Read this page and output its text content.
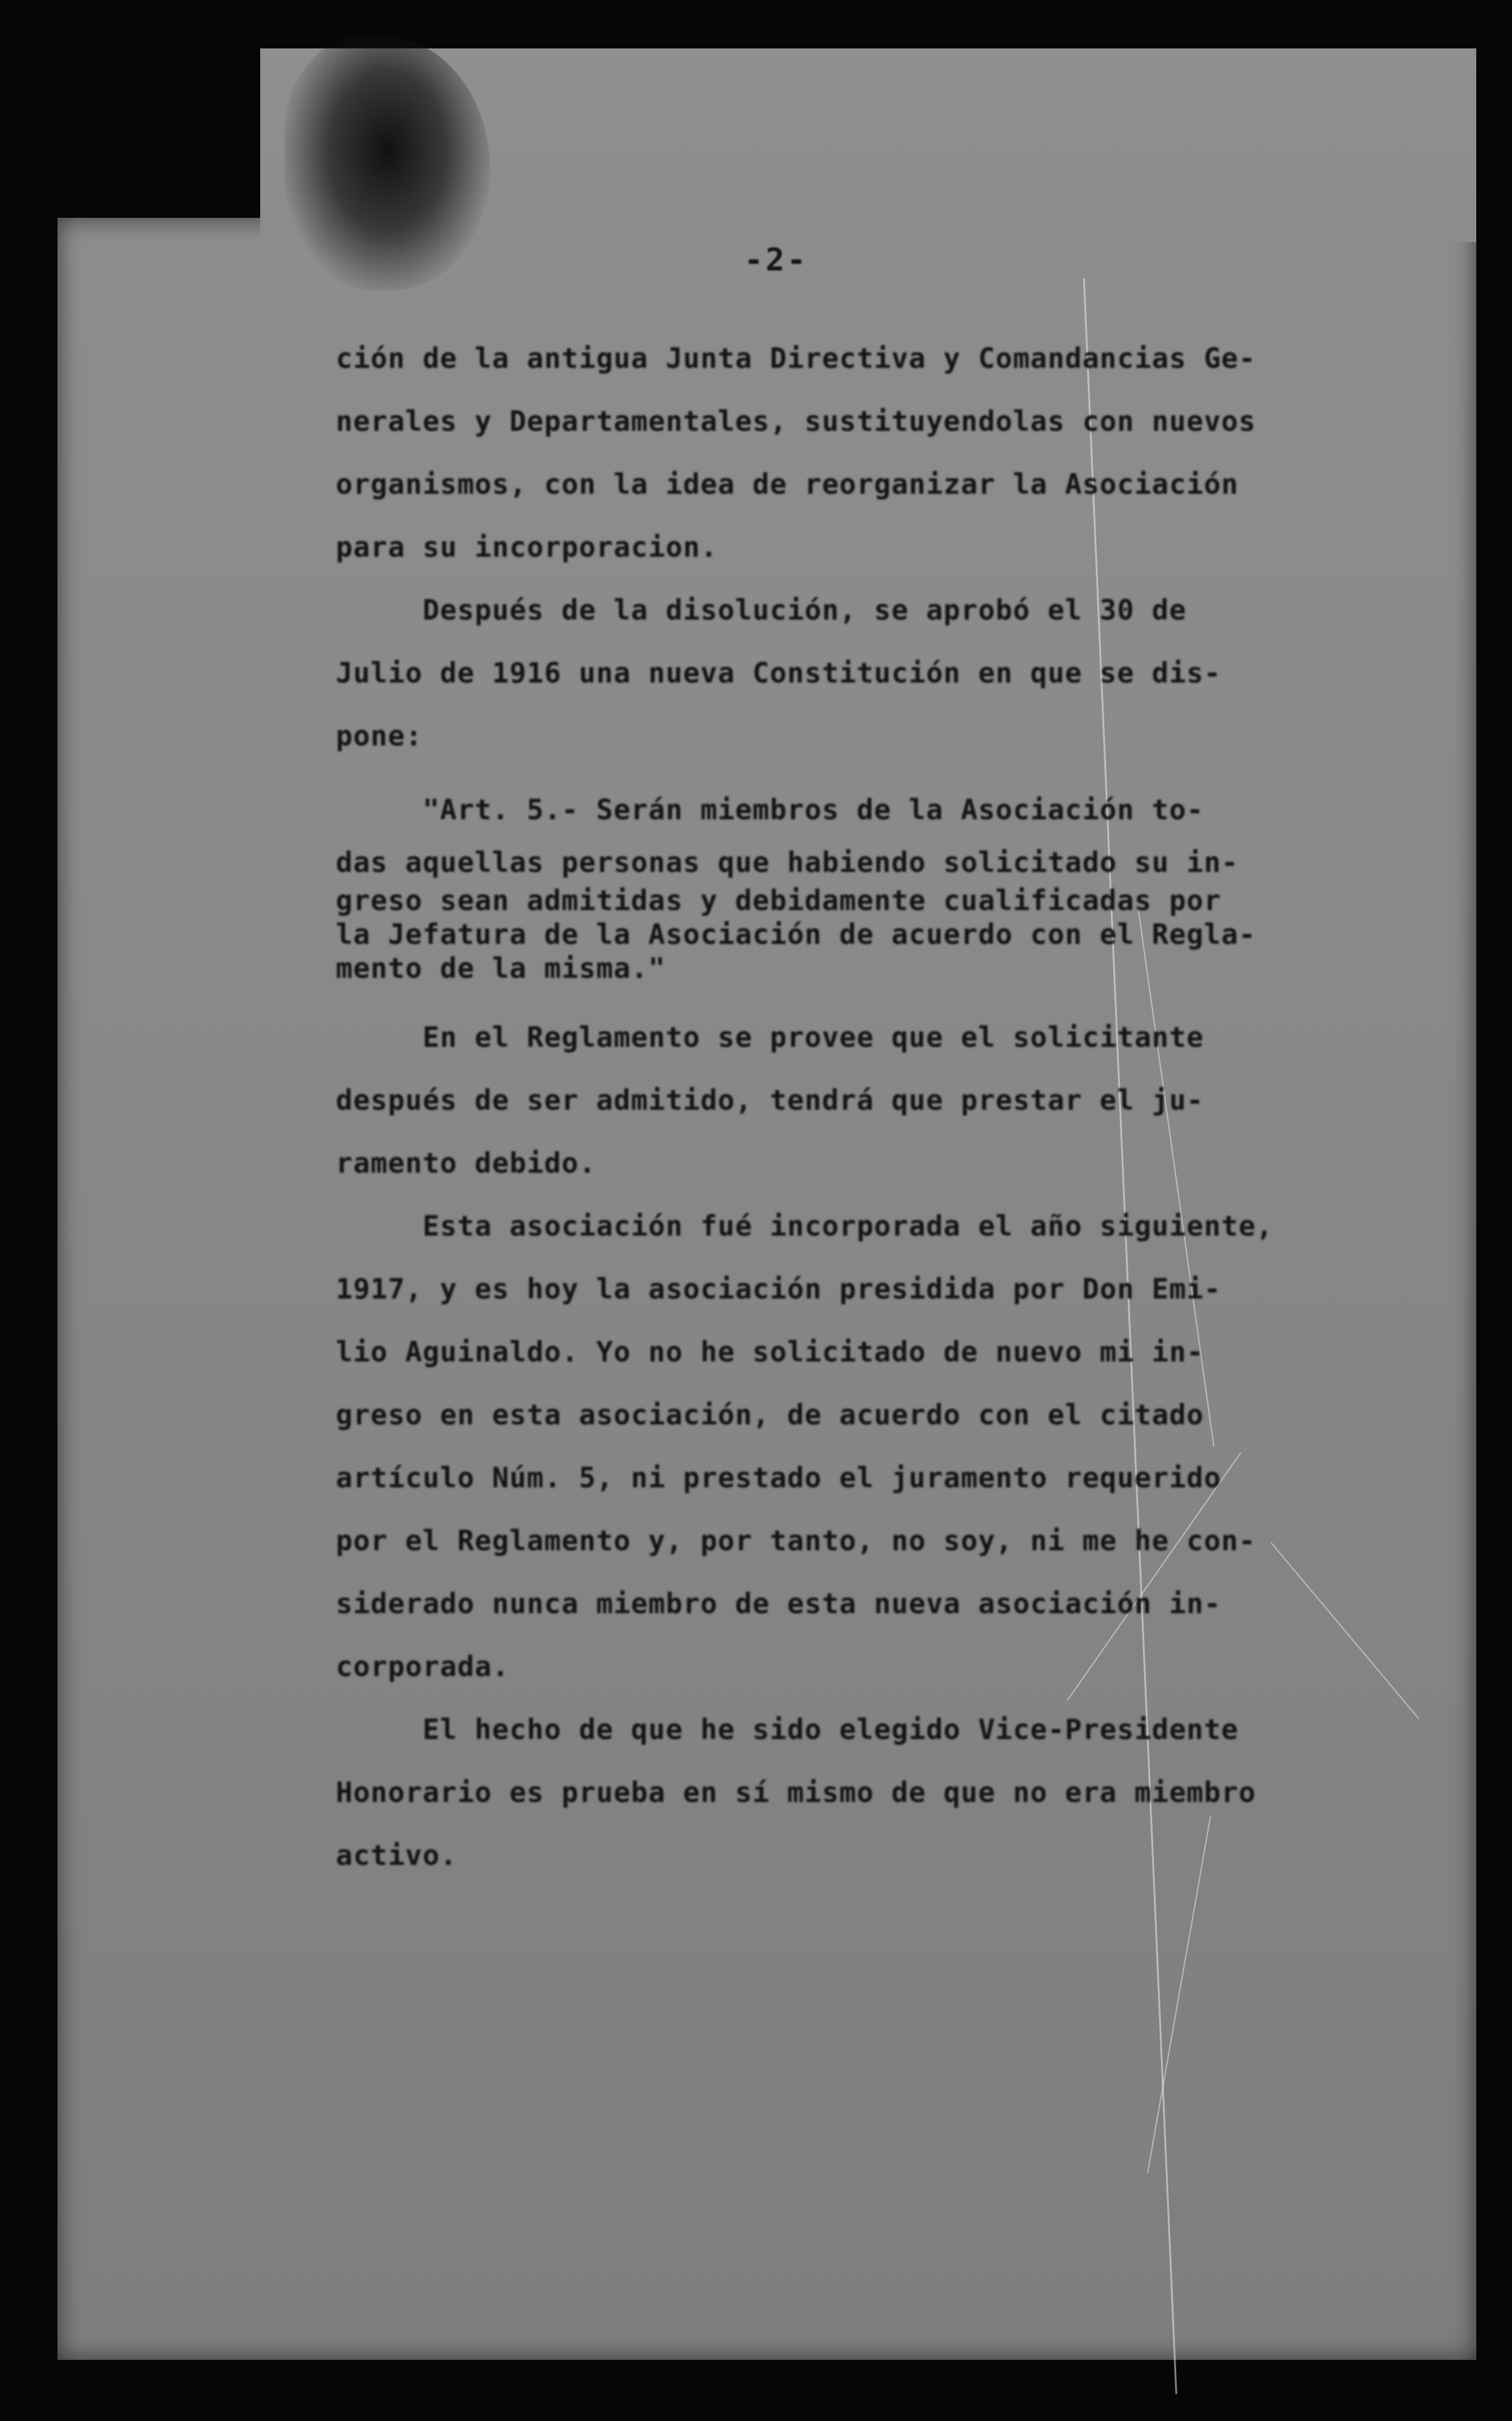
-2-

ción de la antigua Junta Directiva y Comandancias Ge-

nerales y Departamentales, sustituyendolas con nuevos

organismos, con la idea de reorganizar la Asociación

para su incorporacion.

Después de la disolución, se aprobó el 30 de

Julio de 1916 una nueva Constitución en que se dis-

pone:

"Art. 5.- Serán miembros de la Asociación to-

das aquellas personas que habiendo solicitado su in-

greso sean admitidas y debidamente cualificadas por

la Jefatura de la Asociación de acuerdo con el Regla-

mento de la misma."

En el Reglamento se provee que el solicitante

después de ser admitido, tendrá que prestar el ju-

ramento debido.

Esta asociación fué incorporada el año siguiente,

1917, y es hoy la asociación presidida por Don Emi-

lio Aguinaldo. Yo no he solicitado de nuevo mi in-

greso en esta asociación, de acuerdo con el citado

artículo Núm. 5, ni prestado el juramento requerido

por el Reglamento y, por tanto, no soy, ni me he con-

siderado nunca miembro de esta nueva asociación in-

corporada.

El hecho de que he sido elegido Vice-Presidente

Honorario es prueba en sí mismo de que no era miembro

activo.
